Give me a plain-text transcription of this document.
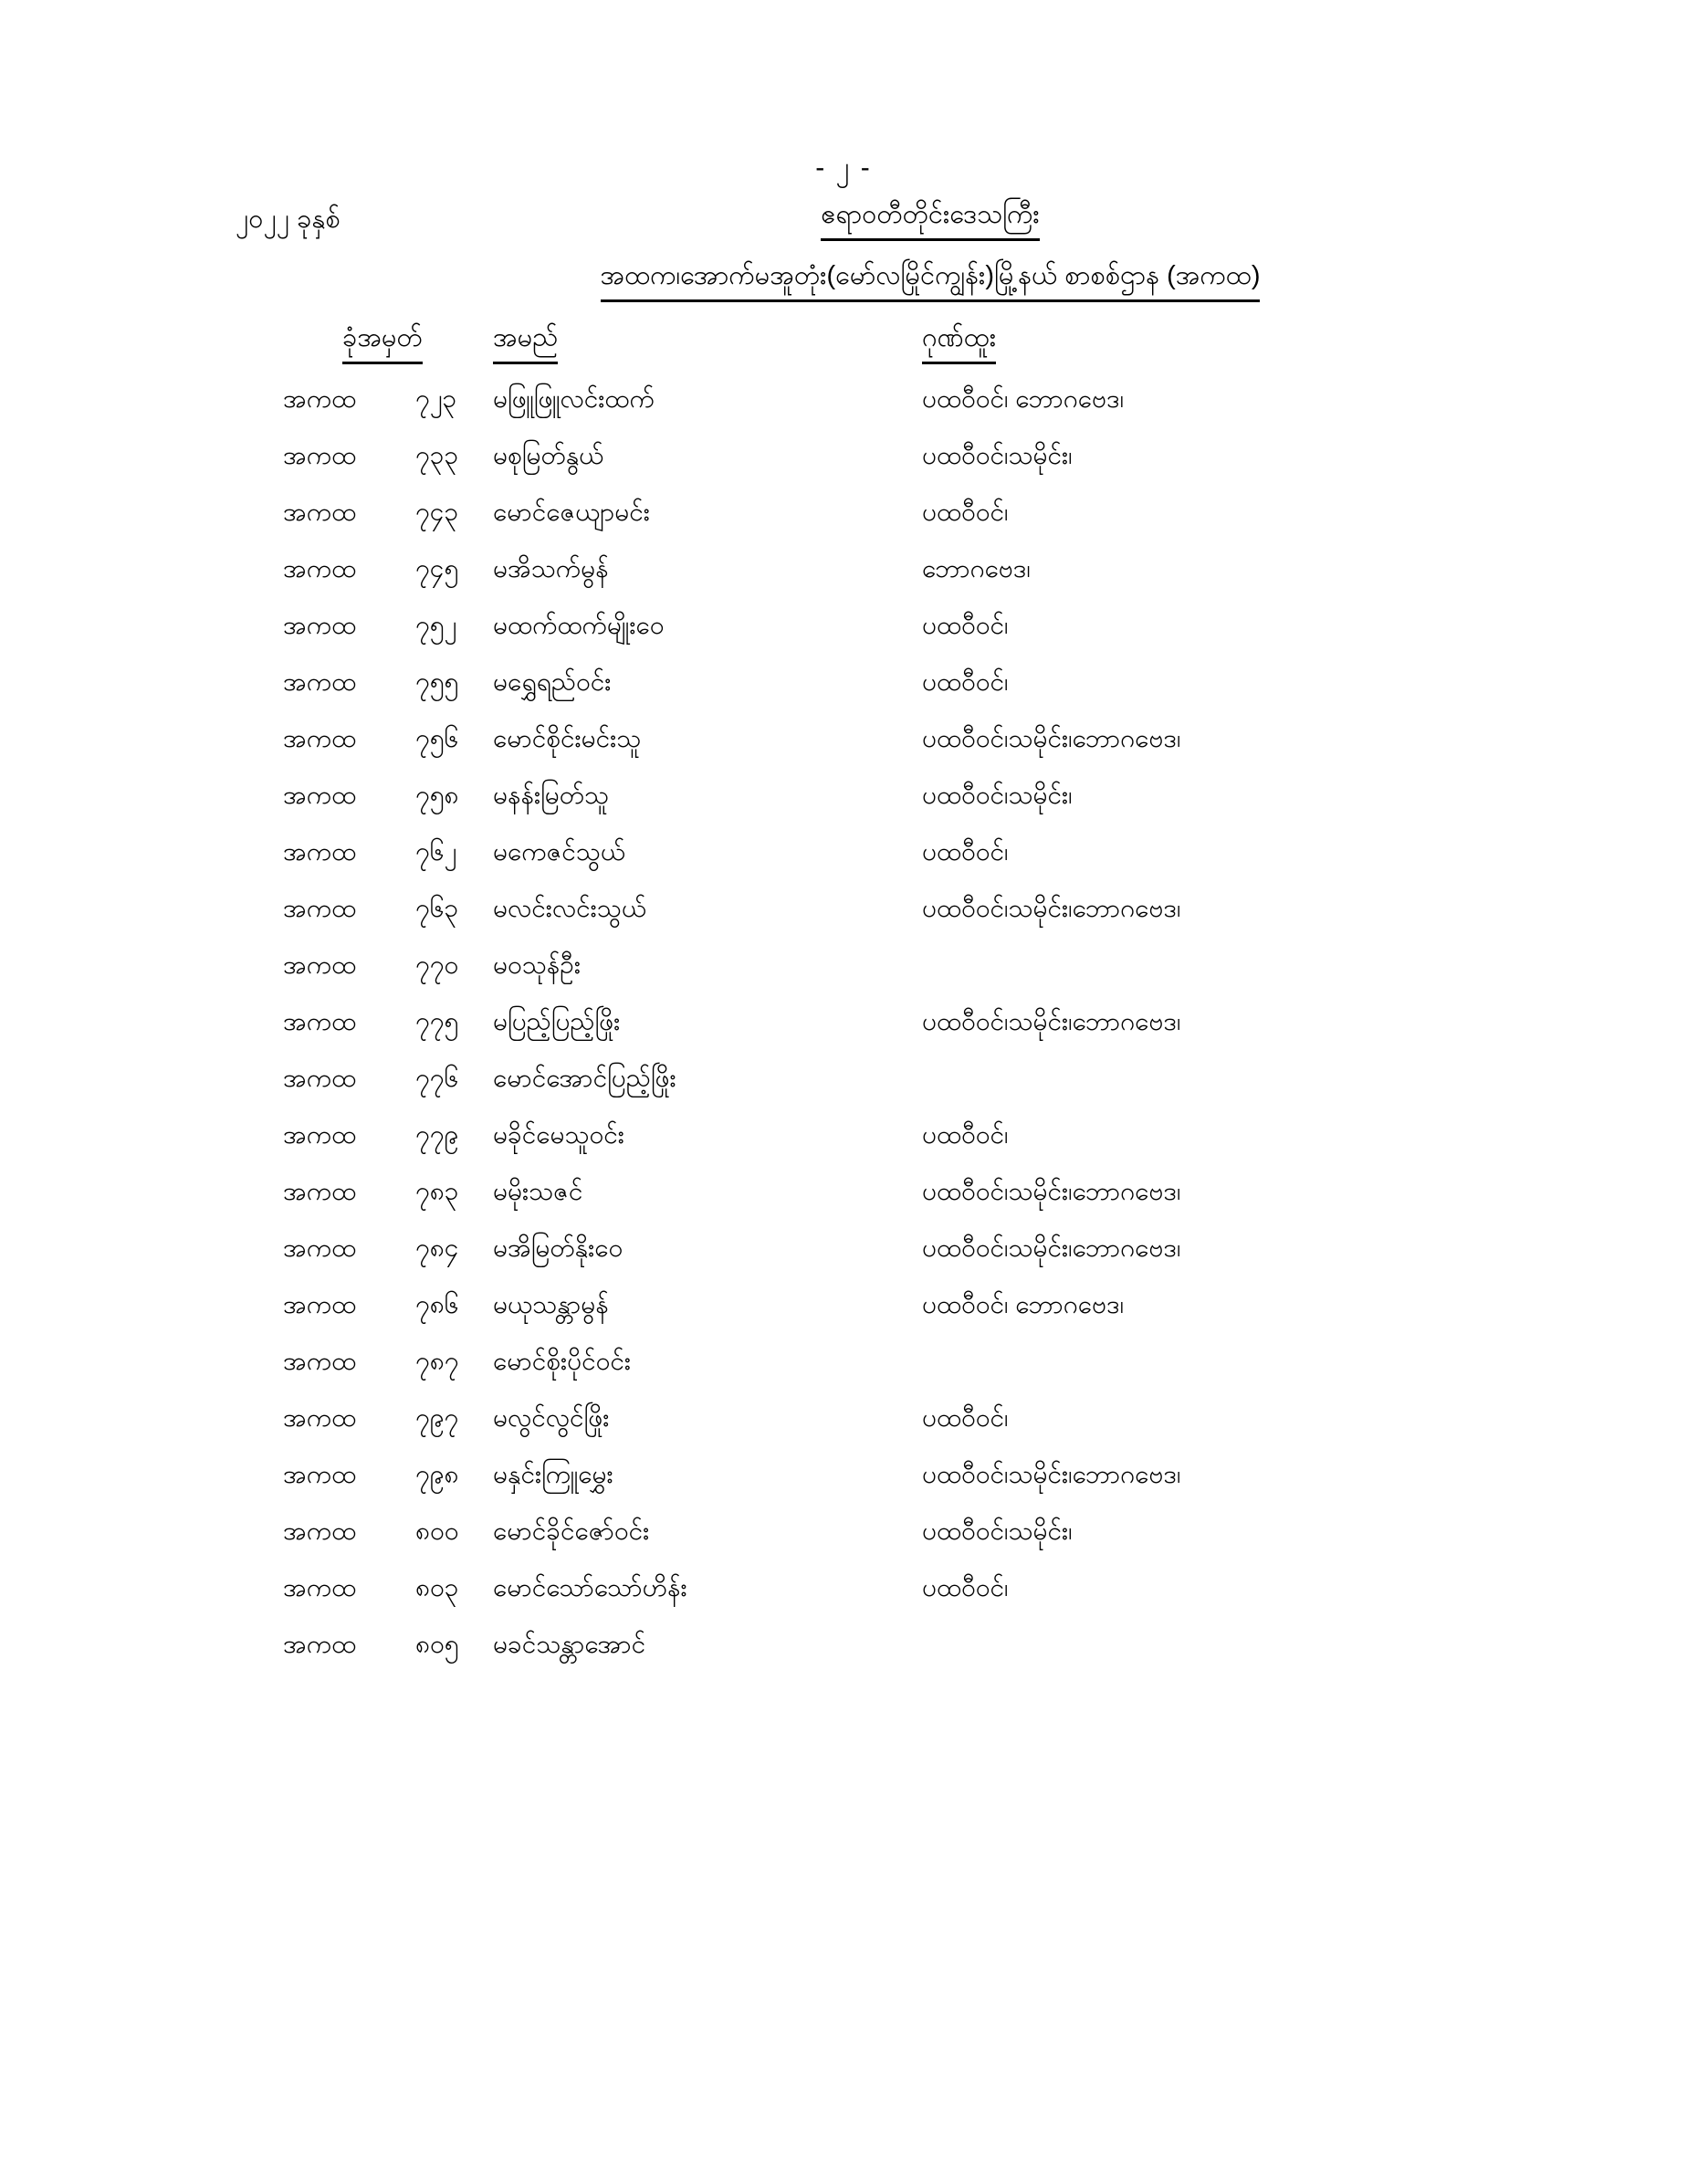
- ၂ -
၂၀၂၂ ခုနှစ်	ဧရာဝတီတိုင်းဒေသကြီး
အထက၊အောက်မအူတုံး(မော်လမြိုင်ကျွန်း)မြို့နယ် စာစစ်ဌာန (အကထ)
ခုံအမှတ်	အမည်	ဂုဏ်ထူး
အကထ	၇၂၃	မဖြူဖြူလင်းထက်	ပထဝီဝင်၊ ဘောဂဗေဒ၊
အကထ	၇၃၃	မစုမြတ်နွယ်	ပထဝီဝင်၊သမိုင်း၊
အကထ	၇၄၃	မောင်ဇေယျာမင်း	ပထဝီဝင်၊
အကထ	၇၄၅	မအိသက်မွန်	ဘောဂဗေဒ၊
အကထ	၇၅၂	မထက်ထက်မျိုးဝေ	ပထဝီဝင်၊
အကထ	၇၅၅	မရွှေရည်ဝင်း	ပထဝီဝင်၊
အကထ	၇၅၆	မောင်စိုင်းမင်းသူ	ပထဝီဝင်၊သမိုင်း၊ဘောဂဗေဒ၊
အကထ	၇၅၈	မနန်းမြတ်သူ	ပထဝီဝင်၊သမိုင်း၊
အကထ	၇၆၂	မကေဇင်သွယ်	ပထဝီဝင်၊
အကထ	၇၆၃	မလင်းလင်းသွယ်	ပထဝီဝင်၊သမိုင်း၊ဘောဂဗေဒ၊
အကထ	၇၇၀	မဝသုန်ဦး
အကထ	၇၇၅	မပြည့်ပြည့်ဖြိုး	ပထဝီဝင်၊သမိုင်း၊ဘောဂဗေဒ၊
အကထ	၇၇၆	မောင်အောင်ပြည့်ဖြိုး
အကထ	၇၇၉	မခိုင်မေသူဝင်း	ပထဝီဝင်၊
အကထ	၇၈၃	မမိုးသဇင်	ပထဝီဝင်၊သမိုင်း၊ဘောဂဗေဒ၊
အကထ	၇၈၄	မအိမြတ်နိုးဝေ	ပထဝီဝင်၊သမိုင်း၊ဘောဂဗေဒ၊
အကထ	၇၈၆	မယုသန္တာမွန်	ပထဝီဝင်၊ ဘောဂဗေဒ၊
အကထ	၇၈၇	မောင်စိုးပိုင်ဝင်း
အကထ	၇၉၇	မလွင်လွင်ဖြိုး	ပထဝီဝင်၊
အကထ	၇၉၈	မနှင်းကြူမွှေး	ပထဝီဝင်၊သမိုင်း၊ဘောဂဗေဒ၊
အကထ	၈၀၀	မောင်ခိုင်ဇော်ဝင်း	ပထဝီဝင်၊သမိုင်း၊
အကထ	၈၀၃	မောင်သော်သော်ဟိန်း	ပထဝီဝင်၊
အကထ	၈၀၅	မခင်သန္တာအောင်
